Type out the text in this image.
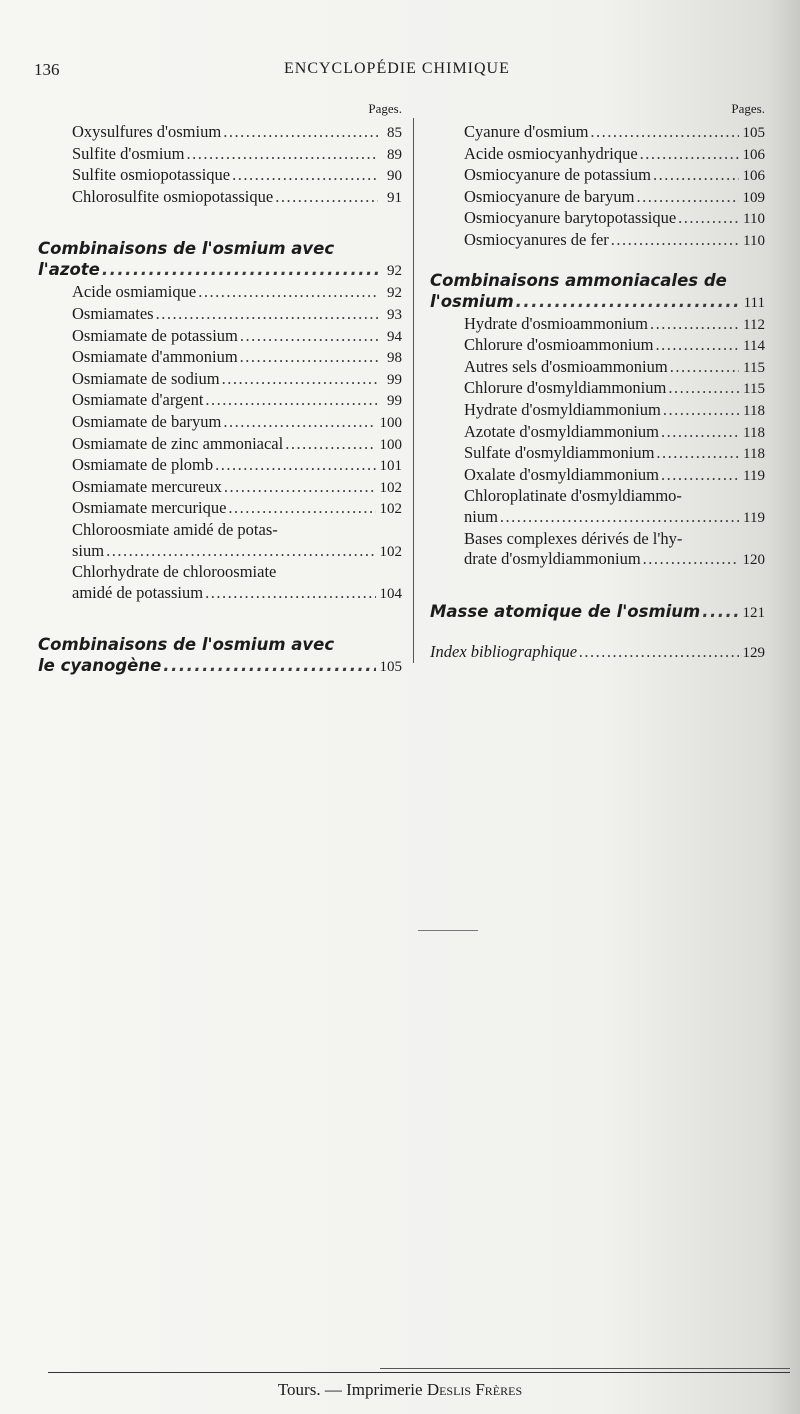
136	ENCYCLOPÉDIE CHIMIQUE
Pages.
Oxysulfures d'osmium .....	85
Sulfite d'osmium .....	89
Sulfite osmiopotassique .....	90
Chlorosulfite osmiopotassique .....	91
Combinaisons de l'osmium avec
l'azote .....	92
Acide osmiamique .....	92
Osmiamates .....	93
Osmiamate de potassium .....	94
Osmiamate d'ammonium .....	98
Osmiamate de sodium .....	99
Osmiamate d'argent .....	99
Osmiamate de baryum .....	100
Osmiamate de zinc ammoniacal .....	100
Osmiamate de plomb .....	101
Osmiamate mercureux .....	102
Osmiamate mercurique .....	102
Chloroosmiate amidé de potas-
sium .....	102
Chlorhydrate de chloroosmiate
amidé de potassium .....	104
Combinaisons de l'osmium avec
le cyanogène .....	105
Pages.
Cyanure d'osmium .....	105
Acide osmiocyanhydrique .....	106
Osmiocyanure de potassium .....	106
Osmiocyanure de baryum .....	109
Osmiocyanure barytopotassique .....	110
Osmiocyanures de fer .....	110
Combinaisons ammoniacales de
l'osmium .....	111
Hydrate d'osmioammonium .....	112
Chlorure d'osmioammonium .....	114
Autres sels d'osmioammonium .....	115
Chlorure d'osmyldiammonium .....	115
Hydrate d'osmyldiammonium .....	118
Azotate d'osmyldiammonium .....	118
Sulfate d'osmyldiammonium .....	118
Oxalate d'osmyldiammonium .....	119
Chloroplatinate d'osmyldiammo-
nium .....	119
Bases complexes dérivés de l'hy-
drate d'osmyldiammonium .....	120
Masse atomique de l'osmium .....	121
Index bibliographique .....	129
Tours. — Imprimerie Deslis Frères
